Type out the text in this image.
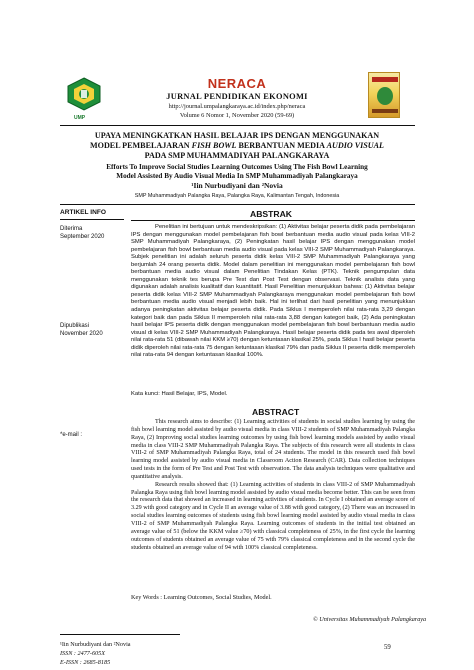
UMP
NERACA
JURNAL PENDIDIKAN EKONOMI
http://journal.umpalangkaraya.ac.id/index.php/neraca
Volume 6 Nomor 1, November 2020 (59-69)
UPAYA MENINGKATKAN HASIL BELAJAR IPS DENGAN MENGGUNAKAN
MODEL PEMBELAJARAN FISH BOWL BERBANTUAN MEDIA AUDIO VISUAL
PADA SMP MUHAMMADIYAH PALANGKARAYA
Efforts To Improve Social Studies Learning Outcomes Using The Fish Bowl Learning
Model Assisted By Audio Visual Media In SMP Muhammadiyah Palangkaraya
¹Iin Nurbudiyani dan ²Novia
SMP Muhammadiyah Palangka Raya, Palangka Raya, Kalimantan Tengah, Indonesia
ARTIKEL INFO
Diterima
September 2020
Dipublikasi
November 2020
*e-mail :
ABSTRAK

Penelitian ini bertujuan untuk mendeskripsikan: (1) Aktivitas belajar peserta didik pada pembelajaran IPS dengan menggunakan model pembelajaran fish bowl berbantuan media audio visual pada kelas VIII-2 SMP Muhammadiyah Palangkaraya, (2) Peningkatan hasil belajar IPS dengan menggunakan model pembelajaran fish bowl berbantuan media audio visual pada kelas VIII-2 SMP Muhammadiyah Palangkaraya. Subjek penelitian ini adalah seluruh peserta didik kelas VIII-2 SMP Muhammadiyah Palangkaraya yang berjumlah 24 orang peserta didik. Model dalam penelitian ini menggunakan model pembelajaran fish bowl berbantuan media audio visual dalam Penelitian Tindakan Kelas (PTK). Teknik pengumpulan data menggunakan teknik tes berupa Pre Test dan Post Test dengan observasi. Teknik analisis data yang digunakan adalah analisis kualitatif dan kuantitatif. Hasil Penelitian menunjukkan bahwa: (1) Aktivitas belajar peserta didik kelas VIII-2 SMP Muhammadiyah Palangkaraya menggunakan model pembelajaran fish bowl berbantuan media audio visual menjadi lebih baik. Hal ini terlihat dari hasil penelitian yang menunjukkan adanya peningkatan aktivitas belajar peserta didik. Pada Siklus I memperoleh nilai rata-rata 3,29 dengan kategori baik dan pada Siklus II memperoleh nilai rata-rata 3,88 dengan kategori baik, (2) Ada peningkatan hasil belajar IPS peserta didik dengan menggunakan model pembelajaran fish bowl berbantuan media audio visual di kelas VIII-2 SMP Muhammadiyah Palangkaraya. Hasil belajar peserta didik pada tes awal diperoleh nilai rata-rata 51 (dibawah nilai KKM ≥70) dengan ketuntasan klasikal 25%, pada Siklus I hasil belajar peserta didik diperoleh nilai rata-rata 75 dengan ketuntasan klasikal 79% dan pada Siklus II peserta didik memperoleh nilai rata-rata 94 dengan ketuntasan klasikal 100%.

Kata kunci: Hasil Belajar, IPS, Model.
ABSTRACT

This research aims to describe: (1) Learning activities of students in social studies learning by using the fish bowl learning model assisted by audio visual media in class VIII-2 students of SMP Muhammadiyah Palangka Raya, (2) Improving social studies learning outcomes by using fish bowl learning models assisted by audio visual media in class VIII-2 SMP Muhammadiyah Palangka Raya. The subjects of this research were all students in class VIII-2 of SMP Muhammadiyah Palangka Raya, total of 24 students. The model in this research used fish bowl learning model assisted by audio visual media in Classroom Action Research (CAR). Data collection techniques used tests in the form of Pre Test and Post Test with observation. The data analysis techniques were qualitative and quantitative analysis.

Research results showed that: (1) Learning activities of students in class VIII-2 of SMP Muhammadiyah Palangka Raya using fish bowl learning model assisted by audio visual media become better. This can be seen from the research data that showed an increased in learning activities of students. In Cycle I obtained an average score of 3.29 with good category and in Cycle II an average value of 3.88 with good category, (2) There was an increased in social studies learning outcomes of students using fish bowl learning model assisted by audio visual media in class VIII-2 of SMP Muhammadiyah Palangka Raya. Learning outcomes of students in the initial test obtained an average value of 51 (below the KKM value ≥70) with classical completeness of 25%, in the first cycle the learning outcomes of students obtained an average value of 75 with 79% classical completeness and in the second cycle the students obtained an average value of 94 with 100% classical completeness.

Key Words : Learning Outcomes, Social Studies, Model.
© Universitas Muhammadiyah Palangkaraya
¹Iin Nurbudiyani dan ²Novia
ISSN : 2477-605X
E-ISSN : 2685-8185
59
